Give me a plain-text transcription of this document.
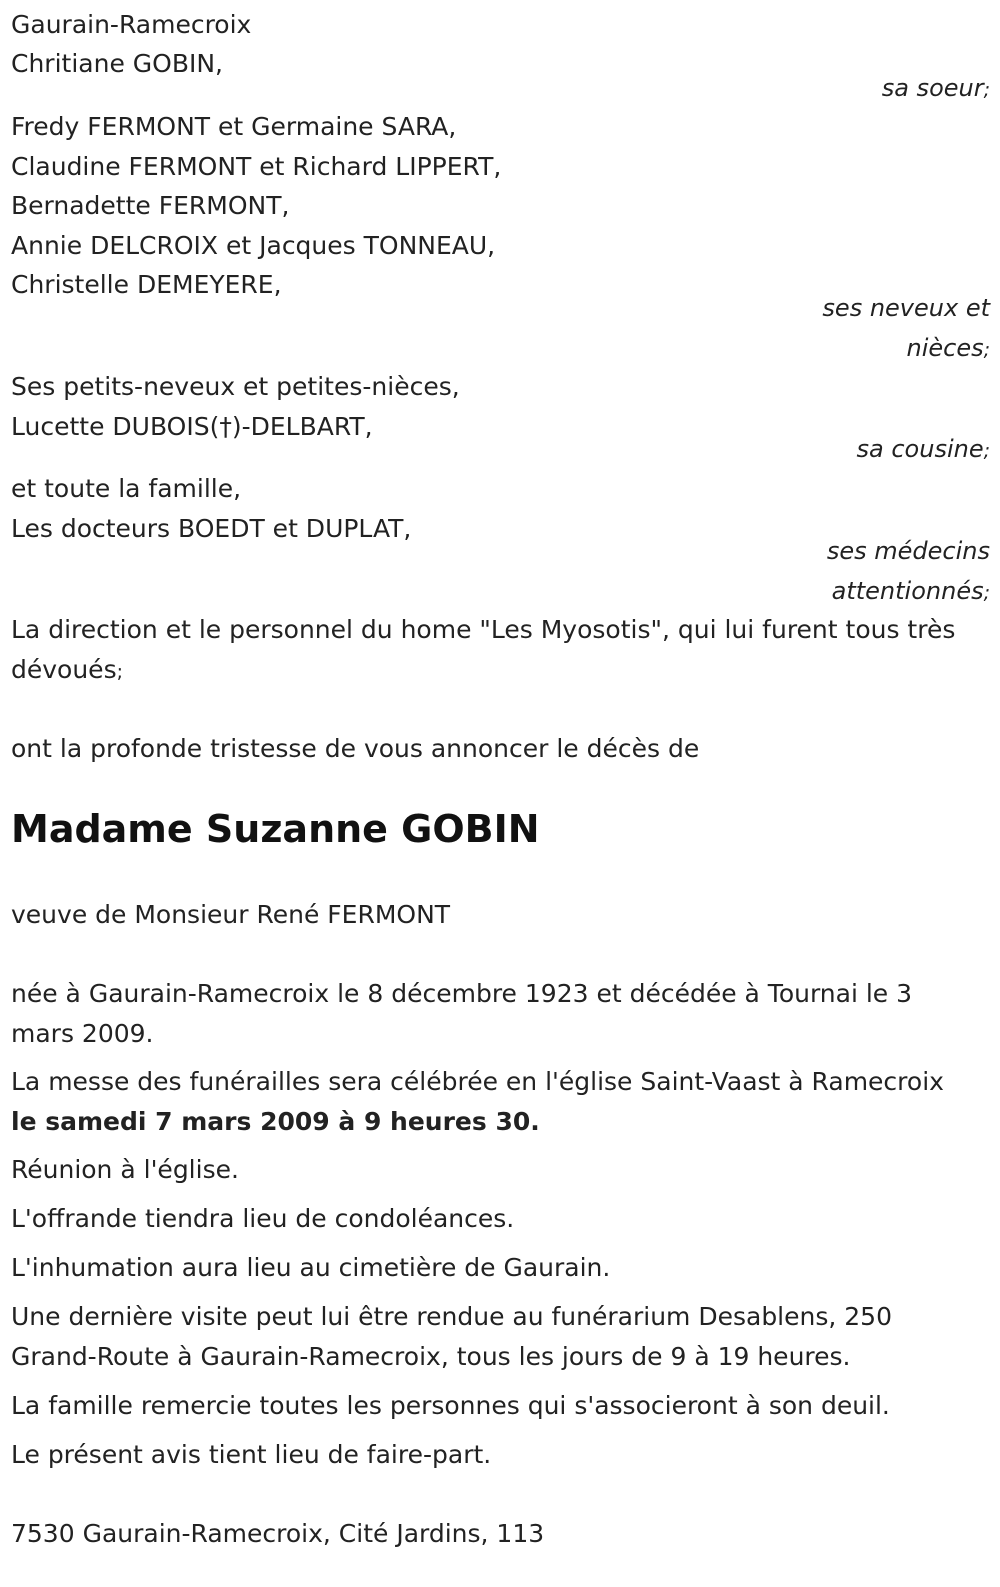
Gaurain-Ramecroix
Chritiane GOBIN,
sa soeur;
Fredy FERMONT et Germaine SARA,
Claudine FERMONT et Richard LIPPERT,
Bernadette FERMONT,
Annie DELCROIX et Jacques TONNEAU,
Christelle DEMEYERE,
ses neveux et nièces;
Ses petits-neveux et petites-nièces,
Lucette DUBOIS(†)-DELBART,
sa cousine;
et toute la famille,
Les docteurs BOEDT et DUPLAT,
ses médecins attentionnés;
La direction et le personnel du home "Les Myosotis", qui lui furent tous très dévoués;
ont la profonde tristesse de vous annoncer le décès de
Madame Suzanne GOBIN
veuve de Monsieur René FERMONT
née à Gaurain-Ramecroix le 8 décembre 1923 et décédée à Tournai le 3 mars 2009.
La messe des funérailles sera célébrée en l'église Saint-Vaast à Ramecroix le samedi 7 mars 2009 à 9 heures 30.
Réunion à l'église.
L'offrande tiendra lieu de condoléances.
L'inhumation aura lieu au cimetière de Gaurain.
Une dernière visite peut lui être rendue au funérarium Desablens, 250 Grand-Route à Gaurain-Ramecroix, tous les jours de 9 à 19 heures.
La famille remercie toutes les personnes qui s'associeront à son deuil.
Le présent avis tient lieu de faire-part.
7530 Gaurain-Ramecroix, Cité Jardins, 113
